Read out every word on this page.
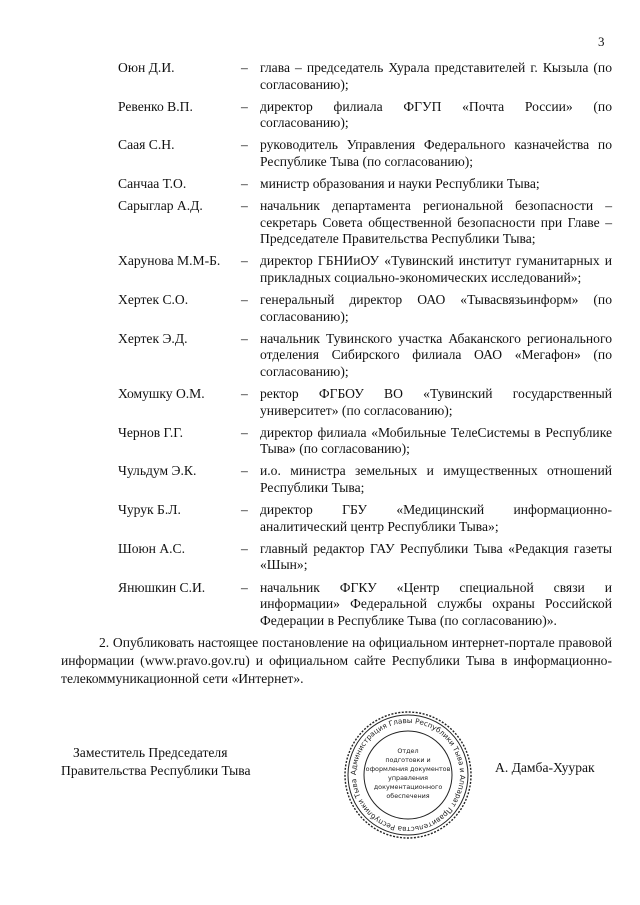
3
Оюн Д.И.	– глава – председатель Хурала представителей г. Кызыла (по согласованию);
Ревенко В.П.	– директор филиала ФГУП «Почта России» (по согласованию);
Саая С.Н.	– руководитель Управления Федерального казначейства по Республике Тыва (по согласованию);
Санчаа Т.О.	– министр образования и науки Республики Тыва;
Сарыглар А.Д.	– начальник департамента региональной безопасности – секретарь Совета общественной безопасности при Главе – Председателе Правительства Республики Тыва;
Харунова М.М-Б.	– директор ГБНИиОУ «Тувинский институт гуманитарных и прикладных социально-экономических исследований»;
Хертек С.О.	– генеральный директор ОАО «Тывасвязьинформ» (по согласованию);
Хертек Э.Д.	– начальник Тувинского участка Абаканского регионального отделения Сибирского филиала ОАО «Мегафон» (по согласованию);
Хомушку О.М.	– ректор ФГБОУ ВО «Тувинский государственный университет» (по согласованию);
Чернов Г.Г.	– директор филиала «Мобильные ТелеСистемы в Республике Тыва» (по согласованию);
Чульдум Э.К.	– и.о. министра земельных и имущественных отношений Республики Тыва;
Чурук Б.Л.	– директор ГБУ «Медицинский информационно-аналитический центр Республики Тыва»;
Шоюн А.С.	– главный редактор ГАУ Республики Тыва «Редакция газеты «Шын»;
Янюшкин С.И.	– начальник ФГКУ «Центр специальной связи и информации» Федеральной службы охраны Российской Федерации в Республике Тыва (по согласованию)».
2. Опубликовать настоящее постановление на официальном интернет-портале правовой информации (www.pravo.gov.ru) и официальном сайте Республики Тыва в информационно-телекоммуникационной сети «Интернет».
Заместитель Председателя
Правительства Республики Тыва	Администрация Главы Республики Тыва и Аппарат Правительства Республики Тыва
Отдел
подготовки и
оформления документов
управления
документационного
обеспечения
А. Дамба-Хуурак
